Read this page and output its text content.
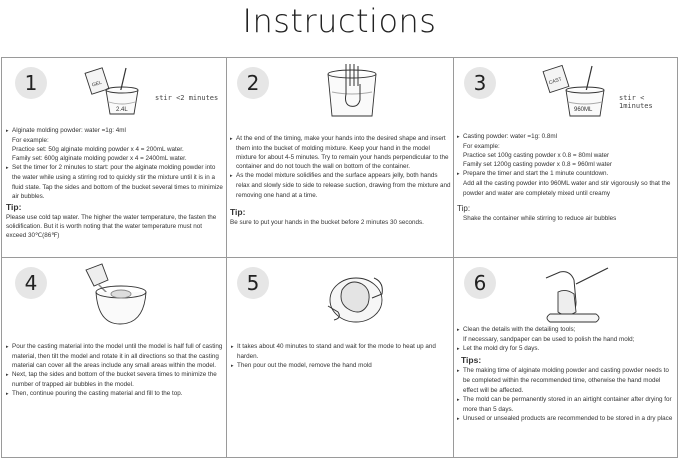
Instructions
1	GEL
2.4L
stir <2 minutes

▸ Alginate molding powder: water =1g: 4ml

For example:

Practice set: 50g alginate molding powder x 4 = 200mL water.

Family set: 600g alginate molding powder x 4 = 2400mL water.

▸ Set the timer for 2 minutes to start: pour the alginate molding powder into the water while using a stirring rod to quickly stir the mixture until it is in a fluid state. Tap the sides and bottom of the bucket several times to minimize air bubbles.

Tip:

Please use cold tap water. The higher the water temperature, the fasten the solidification. But it is worth noting that the water temperature must not exceed 30℃(86℉)

2

▸ At the end of the timing, make your hands into the desired shape and insert them into the bucket of molding mixture. Keep your hand in the model mixture for about 4-5 minutes. Try to remain your hands perpendicular to the container and do not touch the wall on bottom of the container.

▸ As the model mixture solidifies and the surface appears jelly, both hands relax and slowly side to side to release suction, drawing from the mixture and removing one hand at a time.

Tip:

Be sure to put your hands in the bucket before 2 minutes 30 seconds.

3	CAST
960ML
stir < 1minutes

▸ Casting powder: water =1g: 0.8ml

For example:

Practice set 100g casting powder x 0.8 = 80ml water

Family set 1200g casting powder x 0.8 = 960ml water

▸ Prepare the timer and start the 1 minute countdown.

Add all the casting powder into 960ML water and stir vigorously so that the powder and water are completely mixed until creamy

Tip:

Shake the container while stirring to reduce air bubbles

4

▸ Pour the casting material into the model until the model is half full of casting material, then tilt the model and rotate it in all directions so that the casting material can cover all the areas include any small areas within the model.

▸ Next, tap the sides and bottom of the bucket severa times to minimize the number of trapped air bubbles in the model.

▸ Then, continue pouring the casting material and fill to the top.

5

▸ It takes about 40 minutes to stand and wait for the mode to heat up and harden.

▸ Then pour out the model, remove the hand mold

6

▸ Clean the details with the detailing tools;

If necessary, sandpaper can be used to polish the hand mold;

▸ Let the mold dry for 5 days.

Tips:

▸ The making time of alginate molding powder and casting powder needs to be completed within the recommended time, otherwise the hand model effect will be affected.

▸ The mold can be permanently stored in an airtight container after drying for more than 5 days.

▸ Unused or unsealed products are recommended to be stored in a dry place
